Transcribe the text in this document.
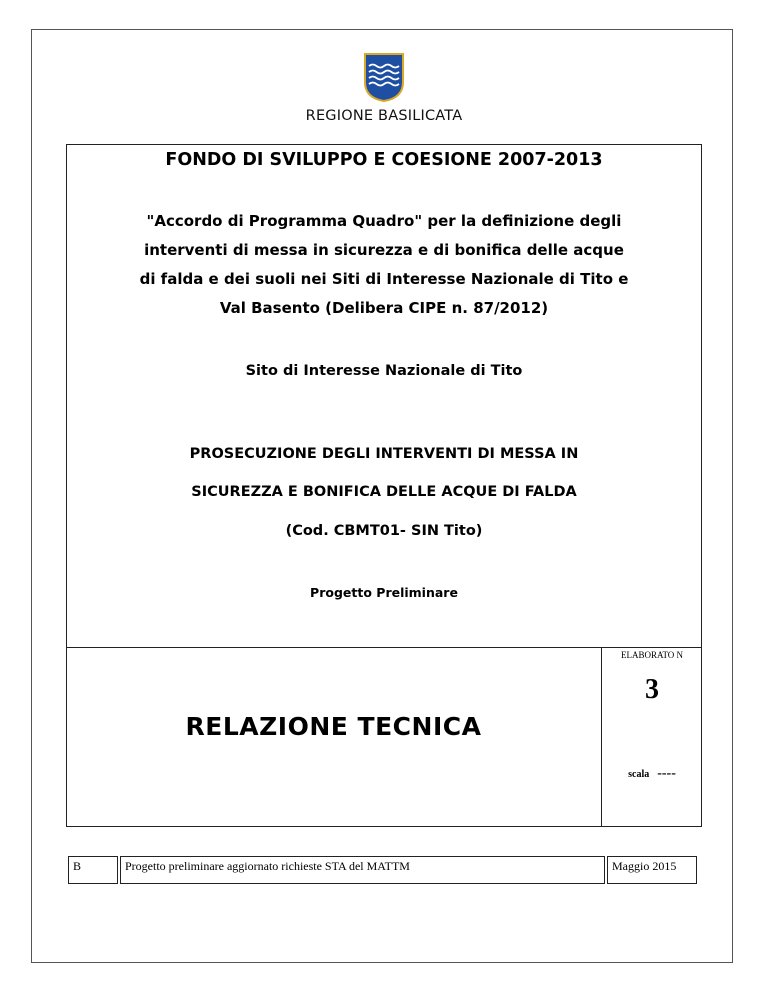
REGIONE BASILICATA
FONDO DI SVILUPPO E COESIONE 2007-2013
"Accordo di Programma Quadro" per la definizione degli
interventi di messa in sicurezza e di bonifica delle acque
di falda e dei suoli nei Siti di Interesse Nazionale di Tito e
Val Basento (Delibera CIPE n. 87/2012)
Sito di Interesse Nazionale di Tito
PROSECUZIONE DEGLI INTERVENTI DI MESSA IN
SICUREZZA E BONIFICA DELLE ACQUE DI FALDA
(Cod. CBMT01- SIN Tito)
Progetto Preliminare
RELAZIONE TECNICA
ELABORATO N
3
scala ----
B	Progetto preliminare aggiornato richieste STA del MATTM	Maggio 2015
